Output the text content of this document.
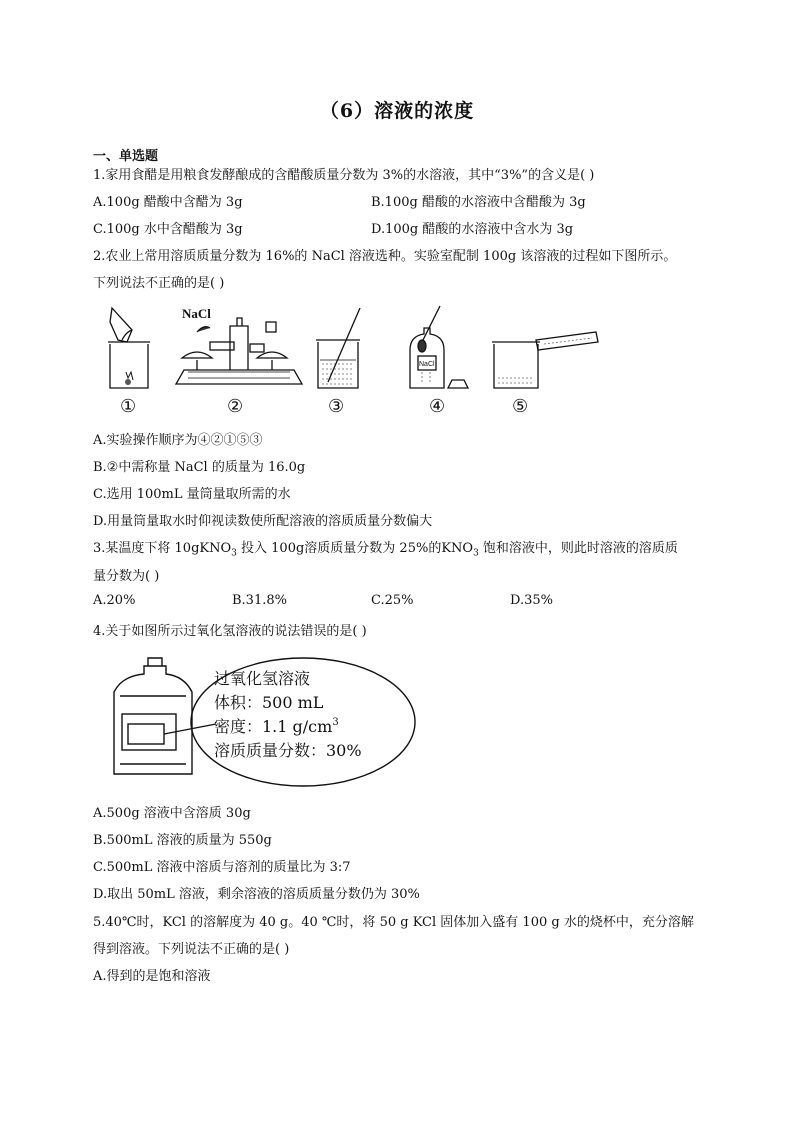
（6）溶液的浓度
一、单选题
1.家用食醋是用粮食发酵酿成的含醋酸质量分数为 3%的水溶液，其中“3%”的含义是( )
A.100g 醋酸中含醋为 3g	B.100g 醋酸的水溶液中含醋酸为 3g
C.100g 水中含醋酸为 3g	D.100g 醋酸的水溶液中含水为 3g
2.农业上常用溶质质量分数为 16%的 NaCl 溶液选种。实验室配制 100g 该溶液的过程如下图所示。
下列说法不正确的是( )
NaCl
NaCl
①	②	③	④	⑤
A.实验操作顺序为④②①⑤③
B.②中需称量 NaCl 的质量为 16.0g
C.选用 100mL 量筒量取所需的水
D.用量筒量取水时仰视读数使所配溶液的溶质质量分数偏大
3.某温度下将 10gKNO$_3$ 投入 100g溶质质量分数为 25%的$KNO_3$ 饱和溶液中，则此时溶液的溶质质
量分数为( )
A.20%	B.31.8%	C.25%	D.35%
4.关于如图所示过氧化氢溶液的说法错误的是( )
过氧化氢溶液
体积：500 mL
密度：1.1 $g/cm^3$
溶质质量分数：30%
A.500g 溶液中含溶质 30g
B.500mL 溶液的质量为 550g
C.500mL 溶液中溶质与溶剂的质量比为 3:7
D.取出 50mL 溶液，剩余溶液的溶质质量分数仍为 30%
5.40℃时，KCl 的溶解度为 40 g。40 ℃时，将 50 g KCl 固体加入盛有 100 g 水的烧杯中，充分溶解
得到溶液。下列说法不正确的是( )
A.得到的是饱和溶液
